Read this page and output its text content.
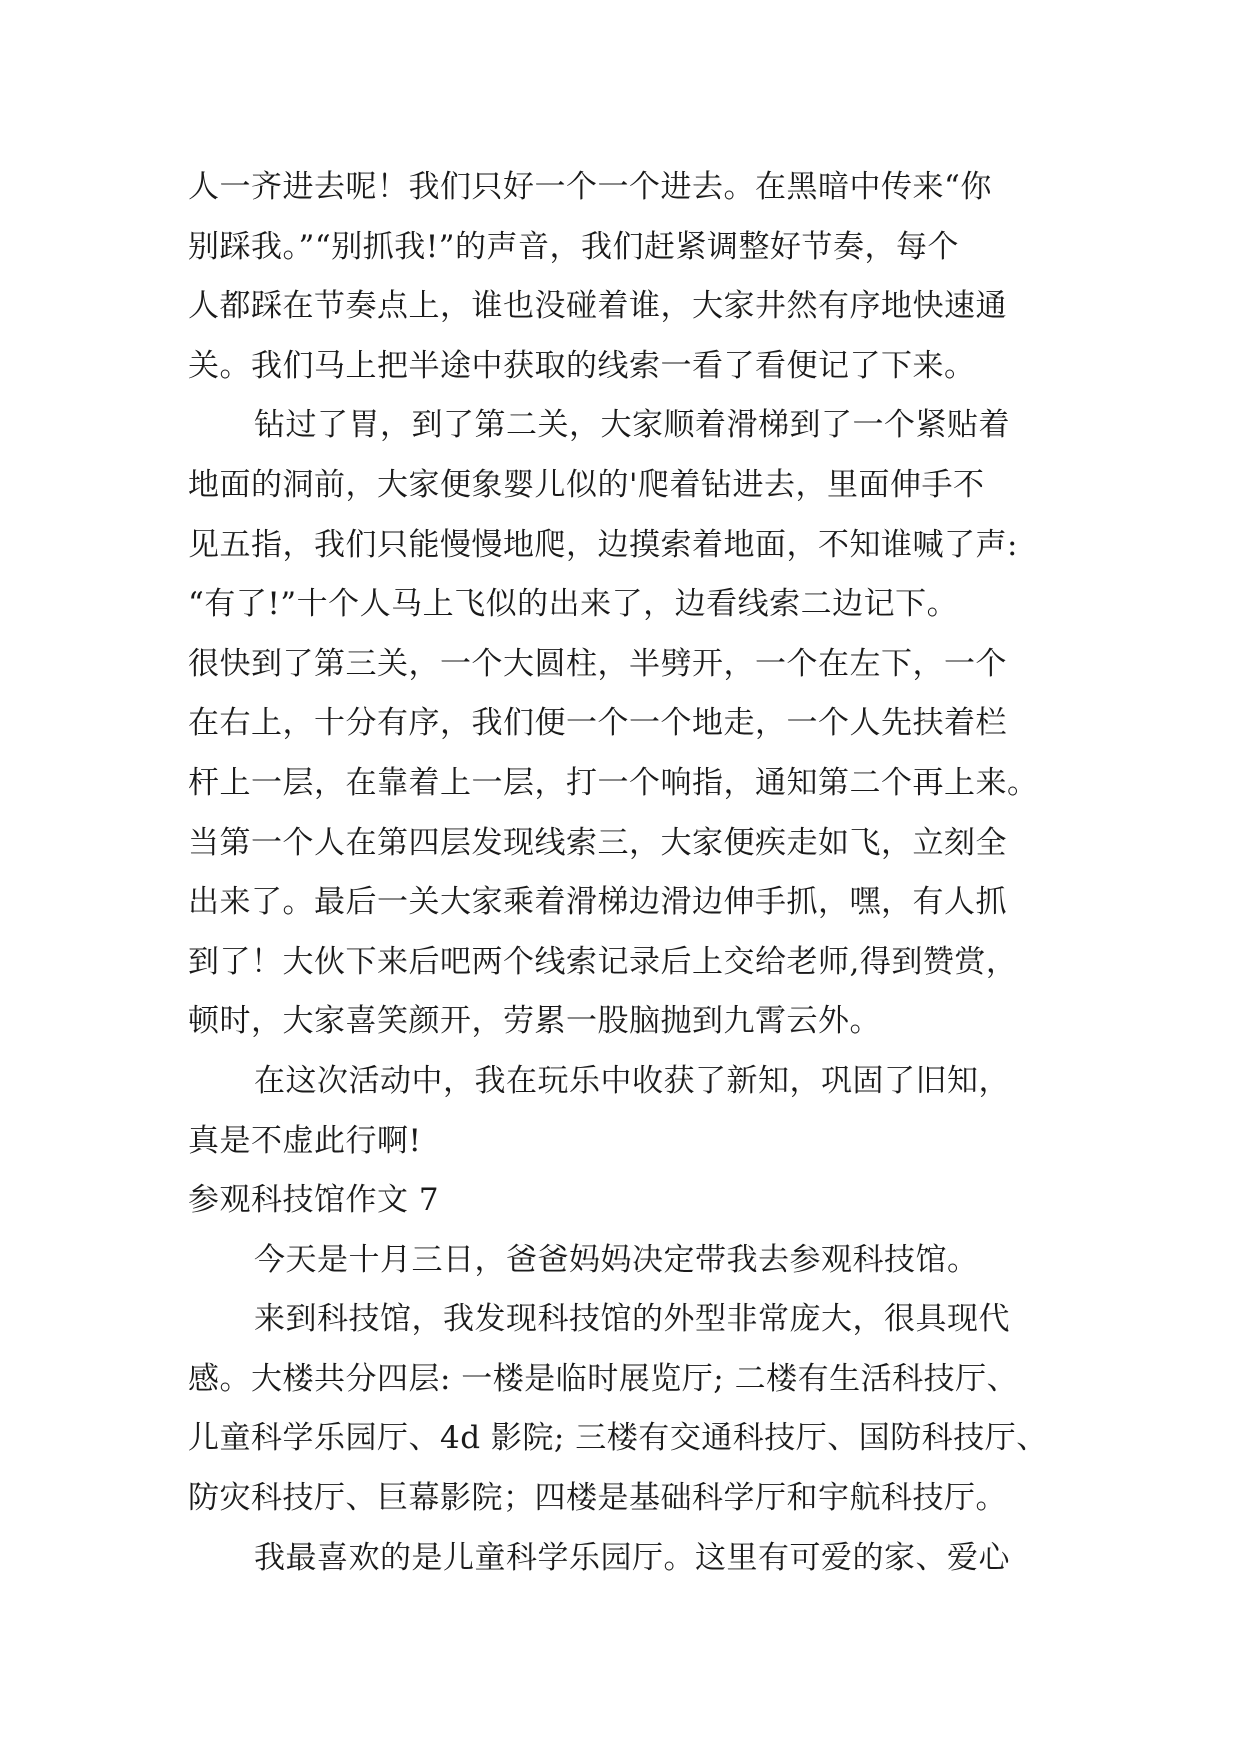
人一齐进去呢！我们只好一个一个进去。在黑暗中传来“你
别踩我。”“别抓我!”的声音，我们赶紧调整好节奏，每个
人都踩在节奏点上，谁也没碰着谁，大家井然有序地快速通
关。我们马上把半途中获取的线索一看了看便记了下来。
钻过了胃，到了第二关，大家顺着滑梯到了一个紧贴着
地面的洞前，大家便象婴儿似的'爬着钻进去，里面伸手不
见五指，我们只能慢慢地爬，边摸索着地面，不知谁喊了声:
“有了!”十个人马上飞似的出来了，边看线索二边记下。
很快到了第三关，一个大圆柱，半劈开，一个在左下，一个
在右上，十分有序，我们便一个一个地走，一个人先扶着栏
杆上一层，在靠着上一层，打一个响指，通知第二个再上来。
当第一个人在第四层发现线索三，大家便疾走如飞，立刻全
出来了。最后一关大家乘着滑梯边滑边伸手抓，嘿，有人抓
到了！大伙下来后吧两个线索记录后上交给老师,得到赞赏，
顿时，大家喜笑颜开，劳累一股脑抛到九霄云外。
在这次活动中，我在玩乐中收获了新知，巩固了旧知，
真是不虚此行啊!
参观科技馆作文 7
今天是十月三日，爸爸妈妈决定带我去参观科技馆。
来到科技馆，我发现科技馆的外型非常庞大，很具现代
感。大楼共分四层: 一楼是临时展览厅; 二楼有生活科技厅、
儿童科学乐园厅、4d 影院; 三楼有交通科技厅、国防科技厅、
防灾科技厅、巨幕影院；四楼是基础科学厅和宇航科技厅。
我最喜欢的是儿童科学乐园厅。这里有可爱的家、爱心
